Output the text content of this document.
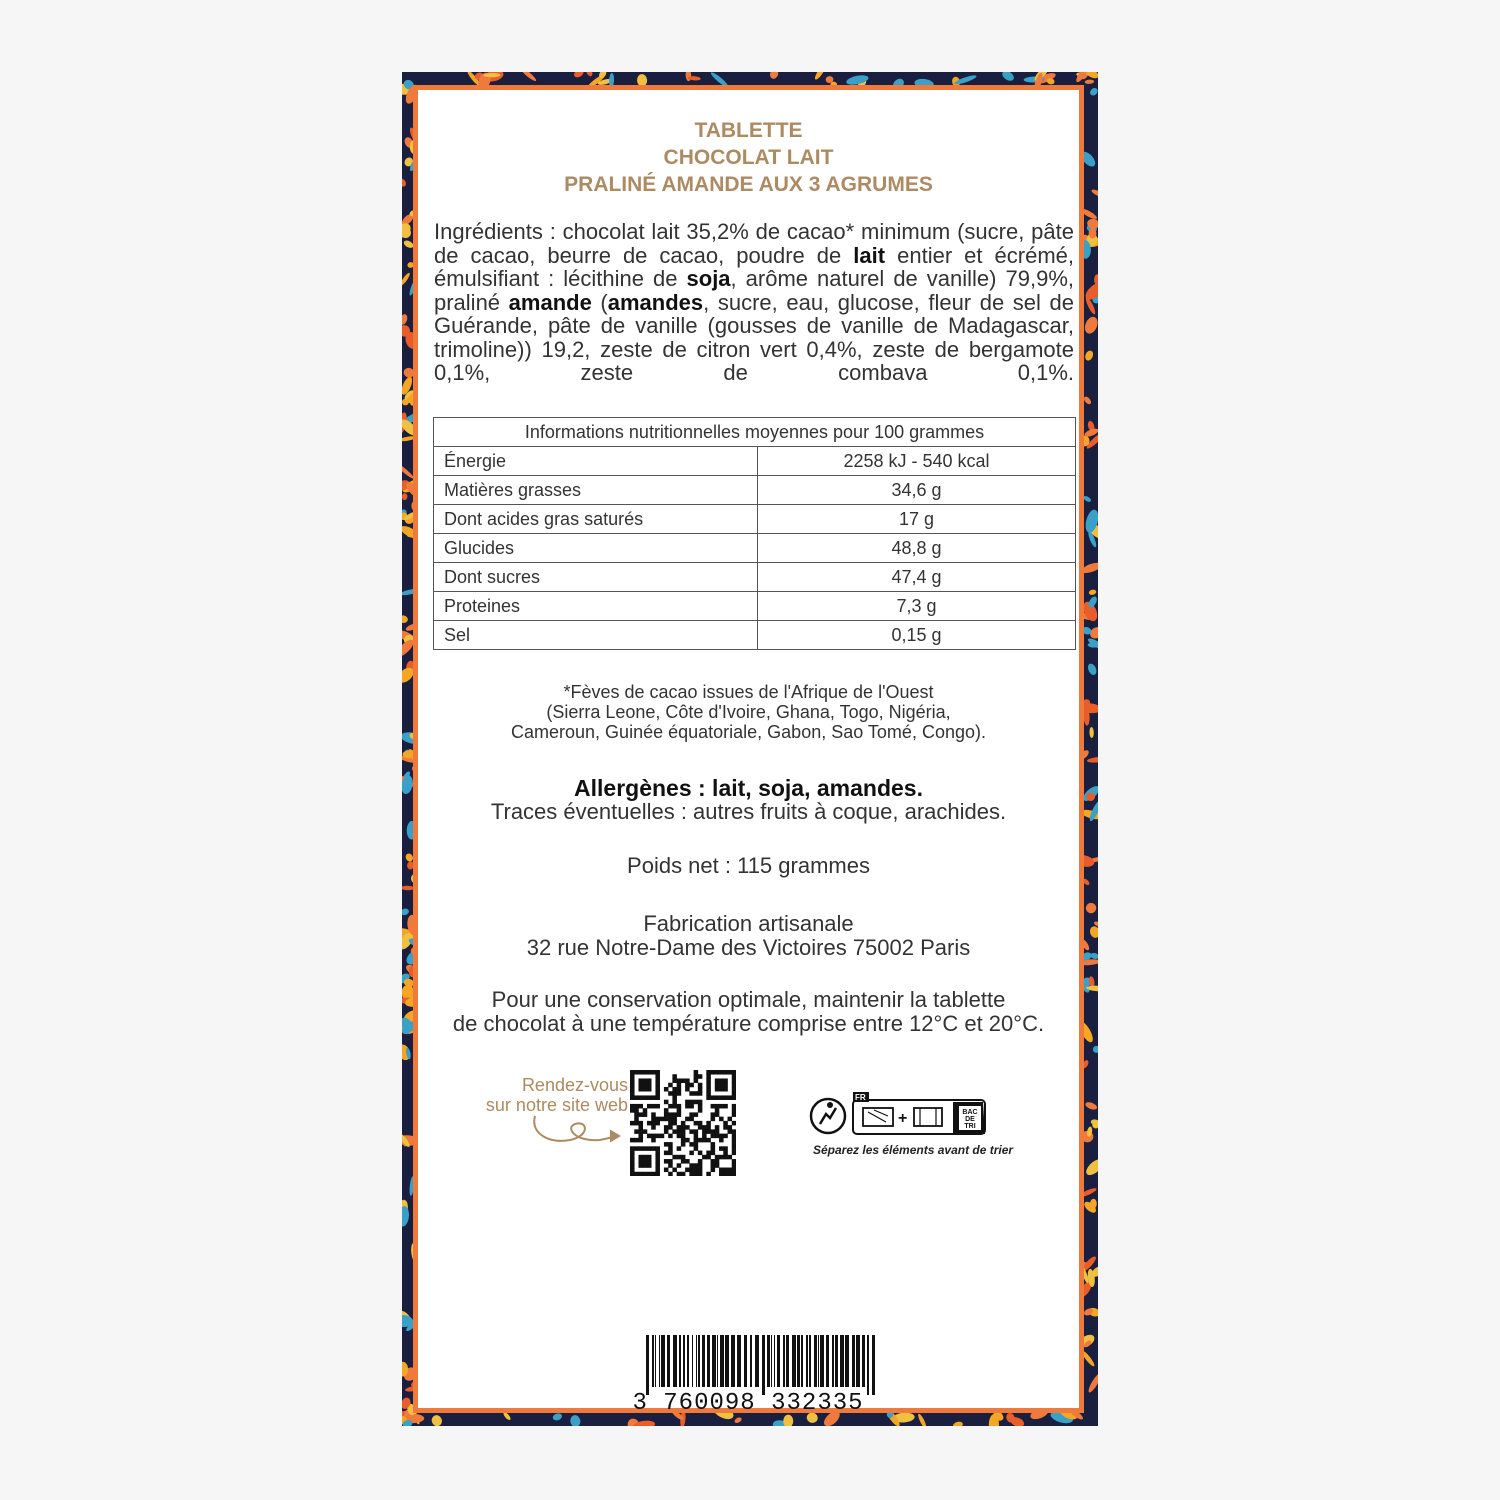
TABLETTE
CHOCOLAT LAIT
PRALINÉ AMANDE AUX 3 AGRUMES
Ingrédients : chocolat lait 35,2% de cacao* minimum (sucre, pâte de cacao, beurre de cacao, poudre de lait entier et écrémé, émulsifiant : lécithine de soja, arôme naturel de vanille) 79,9%, praliné amande (amandes, sucre, eau, glucose, fleur de sel de Guérande, pâte de vanille (gousses de vanille de Madagascar, trimoline)) 19,2, zeste de citron vert 0,4%, zeste de bergamote 0,1%, zeste de combava 0,1%.
Informations nutritionnelles moyennes pour 100 grammes	
Énergie	2258 kJ - 540 kcal
Matières grasses	34,6 g
Dont acides gras saturés	17 g
Glucides	48,8 g
Dont sucres	47,4 g
Proteines	7,3 g
Sel	0,15 g
*Fèves de cacao issues de l'Afrique de l'Ouest
(Sierra Leone, Côte d'Ivoire, Ghana, Togo, Nigéria,
Cameroun, Guinée équatoriale, Gabon, Sao Tomé, Congo).
Allergènes : lait, soja, amandes.
Traces éventuelles : autres fruits à coque, arachides.
Poids net : 115 grammes
Fabrication artisanale
32 rue Notre-Dame des Victoires 75002 Paris
Pour une conservation optimale, maintenir la tablette
de chocolat à une température comprise entre 12°C et 20°C.
Rendez-vous
sur notre site web	FR
+	BAC
DE
TRI
Séparez les éléments avant de trier
3 760098 332335
